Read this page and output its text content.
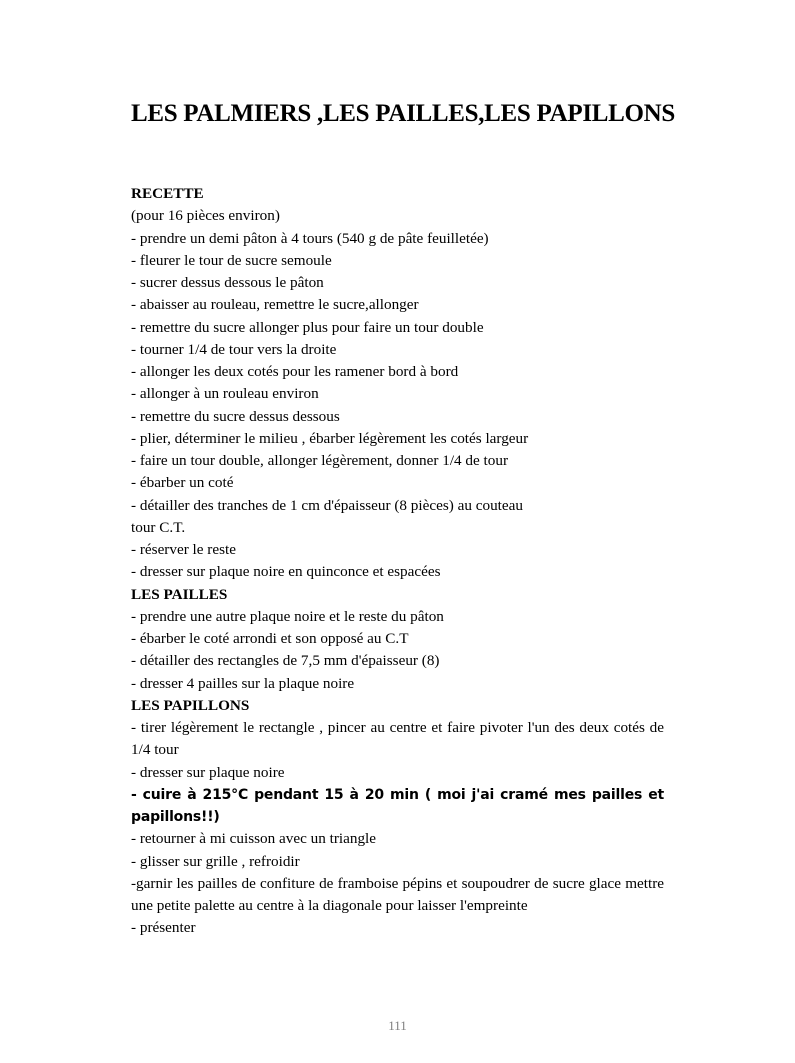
LES PALMIERS ,LES PAILLES,LES PAPILLONS
RECETTE
(pour 16 pièces environ)
- prendre un demi pâton à 4 tours (540 g de pâte feuilletée)
- fleurer le tour de sucre semoule
- sucrer dessus dessous le pâton
- abaisser au rouleau, remettre le sucre,allonger
- remettre du sucre allonger plus pour faire un tour double
- tourner 1/4 de tour vers la droite
- allonger les deux cotés pour les ramener bord à bord
- allonger à un rouleau environ
- remettre du sucre dessus dessous
- plier, déterminer le milieu , ébarber légèrement les cotés largeur
- faire un tour double, allonger légèrement, donner 1/4 de tour
- ébarber un coté
- détailler des tranches de 1 cm d'épaisseur (8 pièces) au couteau
tour C.T.
- réserver le reste
- dresser sur plaque noire en quinconce et espacées
LES PAILLES
- prendre une autre plaque noire et le reste du pâton
- ébarber le coté arrondi et son opposé au C.T
- détailler des rectangles de 7,5 mm d'épaisseur (8)
- dresser 4 pailles sur la plaque noire
LES PAPILLONS
- tirer légèrement le rectangle , pincer au centre et faire pivoter l'un des deux cotés de 1/4 tour
- dresser sur plaque noire
- cuire à 215°C pendant 15 à 20 min ( moi j'ai cramé mes pailles et papillons!!)
- retourner à mi cuisson avec un triangle
- glisser sur grille , refroidir
-garnir les pailles de confiture de framboise pépins et soupoudrer de sucre glace mettre une petite palette au centre à la diagonale pour laisser l'empreinte
- présenter
111
